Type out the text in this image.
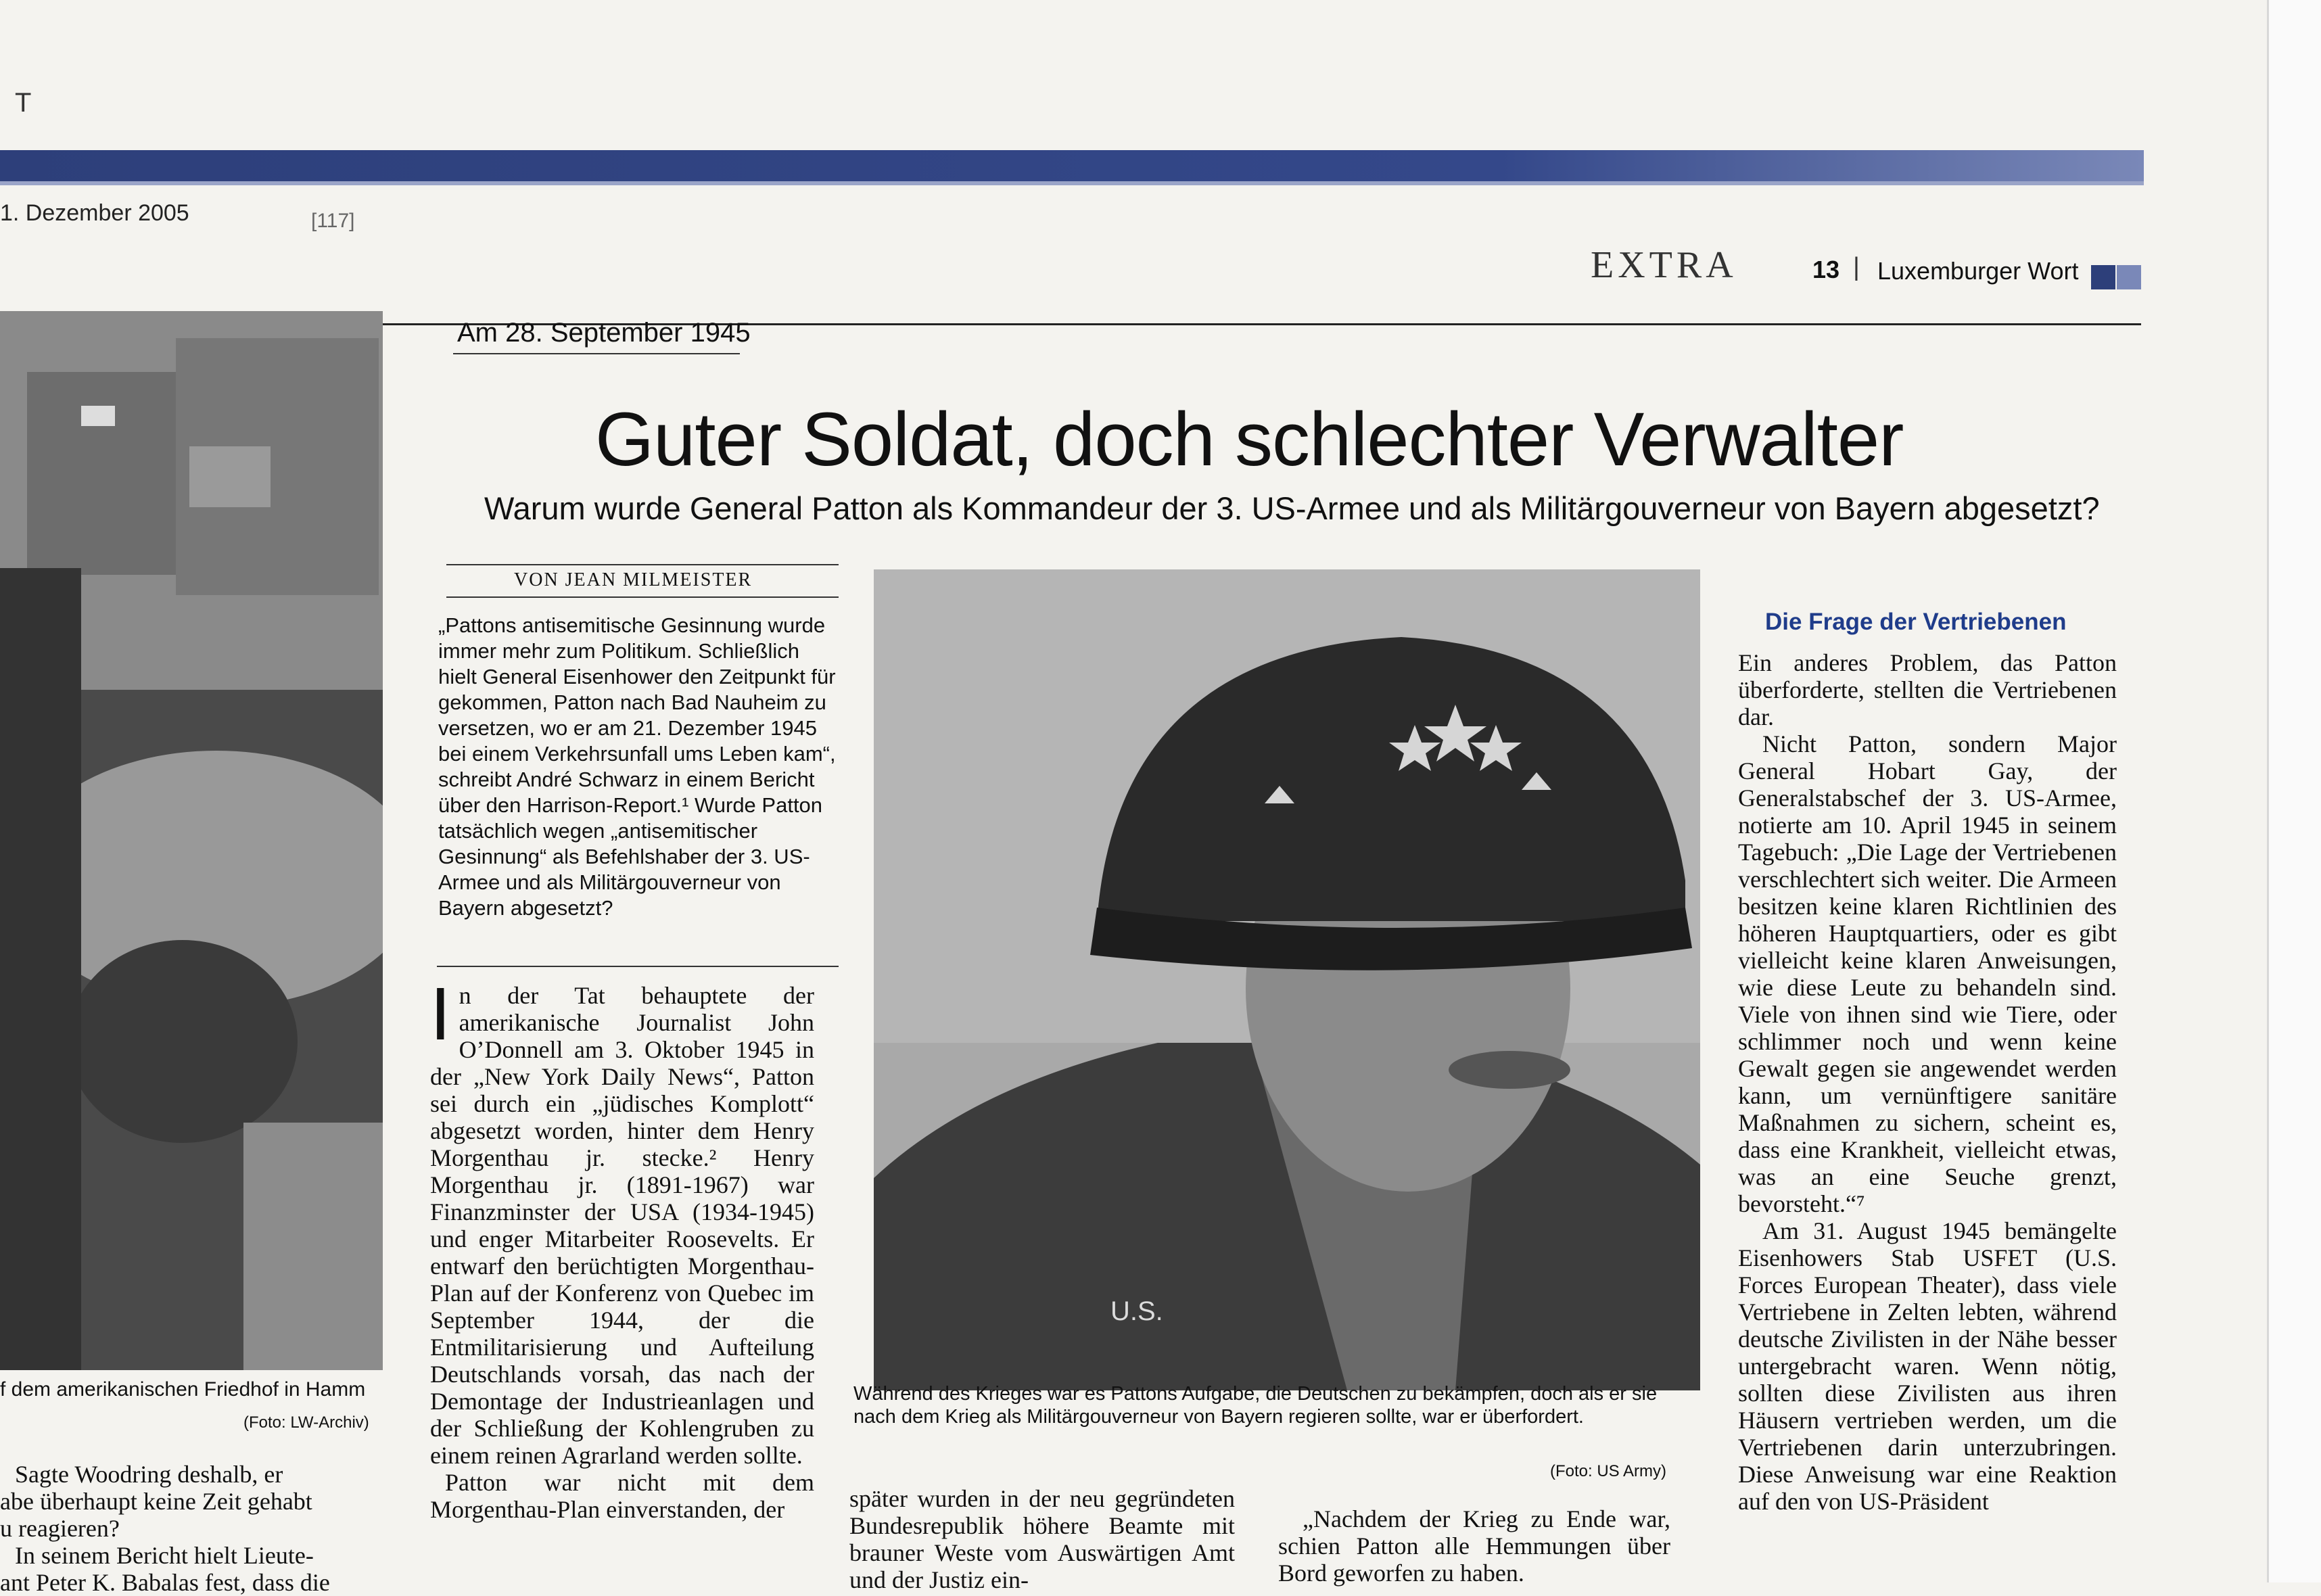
T
1. Dezember 2005	[117]
EXTRA	13 | Luxemburger Wort
f dem amerikanischen Friedhof in Hamm
(Foto: LW-Archiv)
Sagte Woodring deshalb, er
abe überhaupt keine Zeit gehabt
u reagieren?
In seinem Bericht hielt Lieute-
ant Peter K. Babalas fest, dass die
Am 28. September 1945
Guter Soldat, doch schlechter Verwalter
Warum wurde General Patton als Kommandeur der 3. US-Armee und als Militärgouverneur von Bayern abgesetzt?
VON JEAN MILMEISTER
„Pattons antisemitische Gesinnung wurde immer mehr zum Politikum. Schließlich hielt General Eisenhower den Zeitpunkt für gekommen, Patton nach Bad Nauheim zu versetzen, wo er am 21. Dezember 1945 bei einem Verkehrsunfall ums Leben kam“, schreibt André Schwarz in einem Bericht über den Harrison-Report.¹ Wurde Patton tatsächlich wegen „antisemitischer Gesinnung“ als Befehlshaber der 3. US-Armee und als Militärgouverneur von Bayern abgesetzt?
I n der Tat behauptete der amerikanische Journalist John O’Donnell am 3. Oktober 1945 in der „New York Daily News“, Patton sei durch ein „jüdisches Komplott“ abgesetzt worden, hinter dem Henry Morgenthau jr. stecke.² Henry Morgenthau jr. (1891-1967) war Finanzminster der USA (1934-1945) und enger Mitarbeiter Roosevelts. Er entwarf den berüchtigten Morgenthau-Plan auf der Konferenz von Quebec im September 1944, der die Entmilitarisierung und Aufteilung Deutschlands vorsah, das nach der Demontage der Industrieanlagen und der Schließung der Kohlengruben zu einem reinen Agrarland werden sollte.
Patton war nicht mit dem Morgenthau-Plan einverstanden, der
U.S.
Während des Krieges war es Pattons Aufgabe, die Deutschen zu bekämpfen, doch als er sie nach dem Krieg als Militärgouverneur von Bayern regieren sollte, war er überfordert.
(Foto: US Army)
später wurden in der neu gegründeten Bundesrepublik höhere Beamte mit brauner Weste vom Auswärtigen Amt und der Justiz ein-
„Nachdem der Krieg zu Ende war, schien Patton alle Hemmungen über Bord geworfen zu haben.
Die Frage der Vertriebenen
Ein anderes Problem, das Patton überforderte, stellten die Vertriebenen dar.
Nicht Patton, sondern Major General Hobart Gay, der Generalstabschef der 3. US-Armee, notierte am 10. April 1945 in seinem Tagebuch: „Die Lage der Vertriebenen verschlechtert sich weiter. Die Armeen besitzen keine klaren Richtlinien des höheren Hauptquartiers, oder es gibt vielleicht keine klaren Anweisungen, wie diese Leute zu behandeln sind. Viele von ihnen sind wie Tiere, oder schlimmer noch und wenn keine Gewalt gegen sie angewendet werden kann, um vernünftigere sanitäre Maßnahmen zu sichern, scheint es, dass eine Krankheit, vielleicht etwas, was an eine Seuche grenzt, bevorsteht.“⁷
Am 31. August 1945 bemängelte Eisenhowers Stab USFET (U.S. Forces European Theater), dass viele Vertriebene in Zelten lebten, während deutsche Zivilisten in der Nähe besser untergebracht waren. Wenn nötig, sollten diese Zivilisten aus ihren Häusern vertrieben werden, um die Vertriebenen darin unterzubringen. Diese Anweisung war eine Reaktion auf den von US-Präsident
